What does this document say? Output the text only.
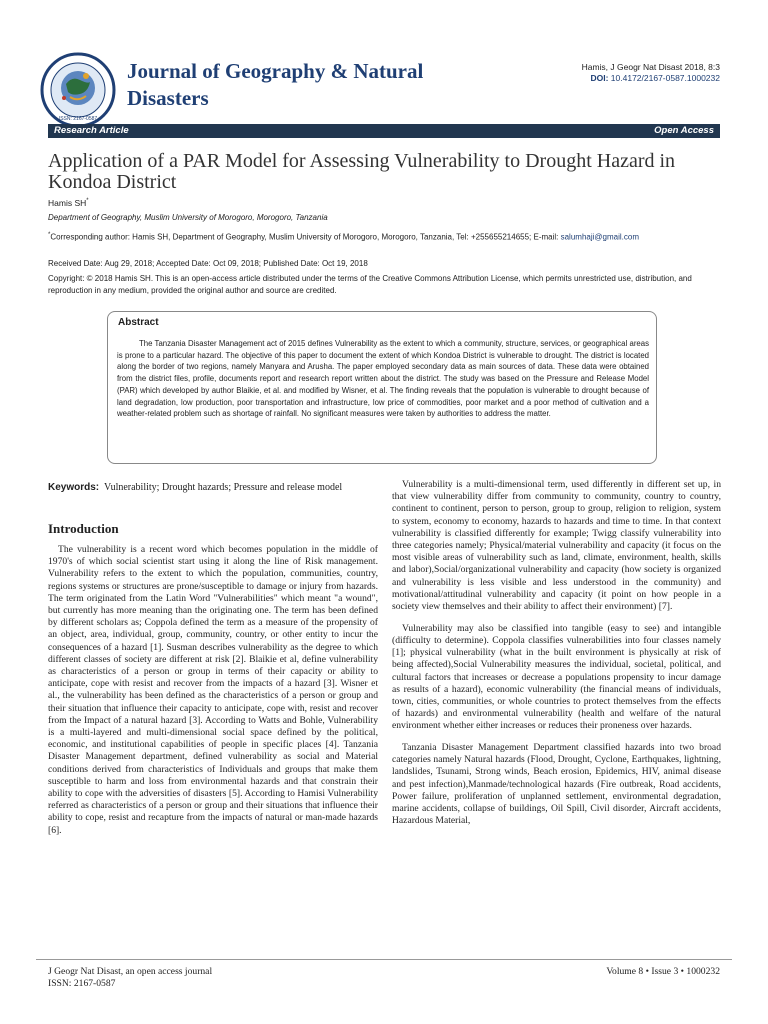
ISSN: 2167-0587
Journal of Geography & Natural Disasters
Hamis, J Geogr Nat Disast 2018, 8:3
DOI: 10.4172/2167-0587.1000232
Research Article	Open Access
Application of a PAR Model for Assessing Vulnerability to Drought Hazard in Kondoa District
Hamis SH*
Department of Geography, Muslim University of Morogoro, Morogoro, Tanzania
*Corresponding author: Hamis SH, Department of Geography, Muslim University of Morogoro, Morogoro, Tanzania, Tel: +255655214655; E-mail: salumhaji@gmail.com
Received Date: Aug 29, 2018; Accepted Date: Oct 09, 2018; Published Date: Oct 19, 2018
Copyright: © 2018 Hamis SH. This is an open-access article distributed under the terms of the Creative Commons Attribution License, which permits unrestricted use, distribution, and reproduction in any medium, provided the original author and source are credited.
Abstract
The Tanzania Disaster Management act of 2015 defines Vulnerability as the extent to which a community, structure, services, or geographical areas is prone to a particular hazard. The objective of this paper to document the extent of which Kondoa District is vulnerable to drought. The district is located along the border of two regions, namely Manyara and Arusha. The paper employed secondary data as main sources of data. These data were obtained from the district files, profile, documents report and research report written about the district. The study was based on the Pressure and Release Model (PAR) which developed by author Blaikie, et al. and modified by Wisner, et al. The finding reveals that the population is vulnerable to drought because of land degradation, low production, poor transportation and infrastructure, low price of commodities, poor market and a poor method of cultivation and a weather-related problem such as shortage of rainfall. No significant measures were taken by authorities to address the matter.
Keywords: Vulnerability; Drought hazards; Pressure and release model
Introduction

The vulnerability is a recent word which becomes population in the middle of 1970's of which social scientist start using it along the line of Risk management. Vulnerability refers to the extent to which the population, communities, country, regions systems or structures are prone/susceptible to damage or injury from hazards. The term originated from the Latin Word "Vulnerabilities" which meant "a wound", but currently has more meaning than the originating one. The term has been defined by different scholars as; Coppola defined the term as a measure of the propensity of an object, area, individual, group, community, country, or other entity to incur the consequences of a hazard [1]. Susman describes vulnerability as the degree to which different classes of society are different at risk [2]. Blaikie et al, define vulnerability as characteristics of a person or group in terms of their capacity or ability to anticipate, cope with resist and recover from the impacts of a hazard [3]. Wisner et al., the vulnerability has been defined as the characteristics of a person or group and their situation that influence their capacity to anticipate, cope with, resist and recover from the Impact of a natural hazard [3]. According to Watts and Bohle, Vulnerability is a multi-layered and multi-dimensional social space defined by the political, economic, and institutional capabilities of people in specific places [4]. Tanzania Disaster Management department, defined vulnerability as social and Material conditions derived from characteristics of Individuals and groups that make them susceptible to harm and loss from environmental hazards and that constrain their ability to cope with the adversities of disasters [5]. According to Hamisi Vulnerability referred as characteristics of a person or group and their situations that influence their ability to cope, resist and recapture from the impacts of natural or man-made hazards [6].

Vulnerability is a multi-dimensional term, used differently in different set up, in that view vulnerability differ from community to community, country to country, continent to continent, person to person, group to group, religion to religion, system to system, economy to economy, hazards to hazards and time to time. In that context vulnerability is classified differently for example; Twigg classify vulnerability into three categories namely; Physical/material vulnerability and capacity (it focus on the most visible areas of vulnerability such as land, climate, environment, health, skills and labor),Social/organizational vulnerability and capacity (how society is organized and vulnerability is less visible and less understood in the community) and motivational/attitudinal vulnerability and capacity (it point on how people in a society view themselves and their ability to affect their environment) [7].

Vulnerability may also be classified into tangible (easy to see) and intangible (difficulty to determine). Coppola classifies vulnerabilities into four classes namely [1]; physical vulnerability (what in the built environment is physically at risk of being affected),Social Vulnerability measures the individual, societal, political, and cultural factors that increases or decrease a populations propensity to incur damage as results of a hazard), economic vulnerability (the financial means of individuals, town, cities, communities, or whole countries to protect themselves from the effects of hazards) and environmental vulnerability (health and welfare of the natural environment whether either increases or reduces their proneness over hazards.

Tanzania Disaster Management Department classified hazards into two broad categories namely Natural hazards (Flood, Drought, Cyclone, Earthquakes, lightning, landslides, Tsunami, Strong winds, Beach erosion, Epidemics, HIV, animal disease and pest infection),Manmade/technological hazards (Fire outbreak, Road accidents, Power failure, proliferation of unplanned settlement, environmental degradation, marine accidents, collapse of buildings, Oil Spill, Civil disorder, Aircraft accidents, Hazardous Material,

J Geogr Nat Disast, an open access journal
ISSN: 2167-0587
Volume 8 • Issue 3 • 1000232
